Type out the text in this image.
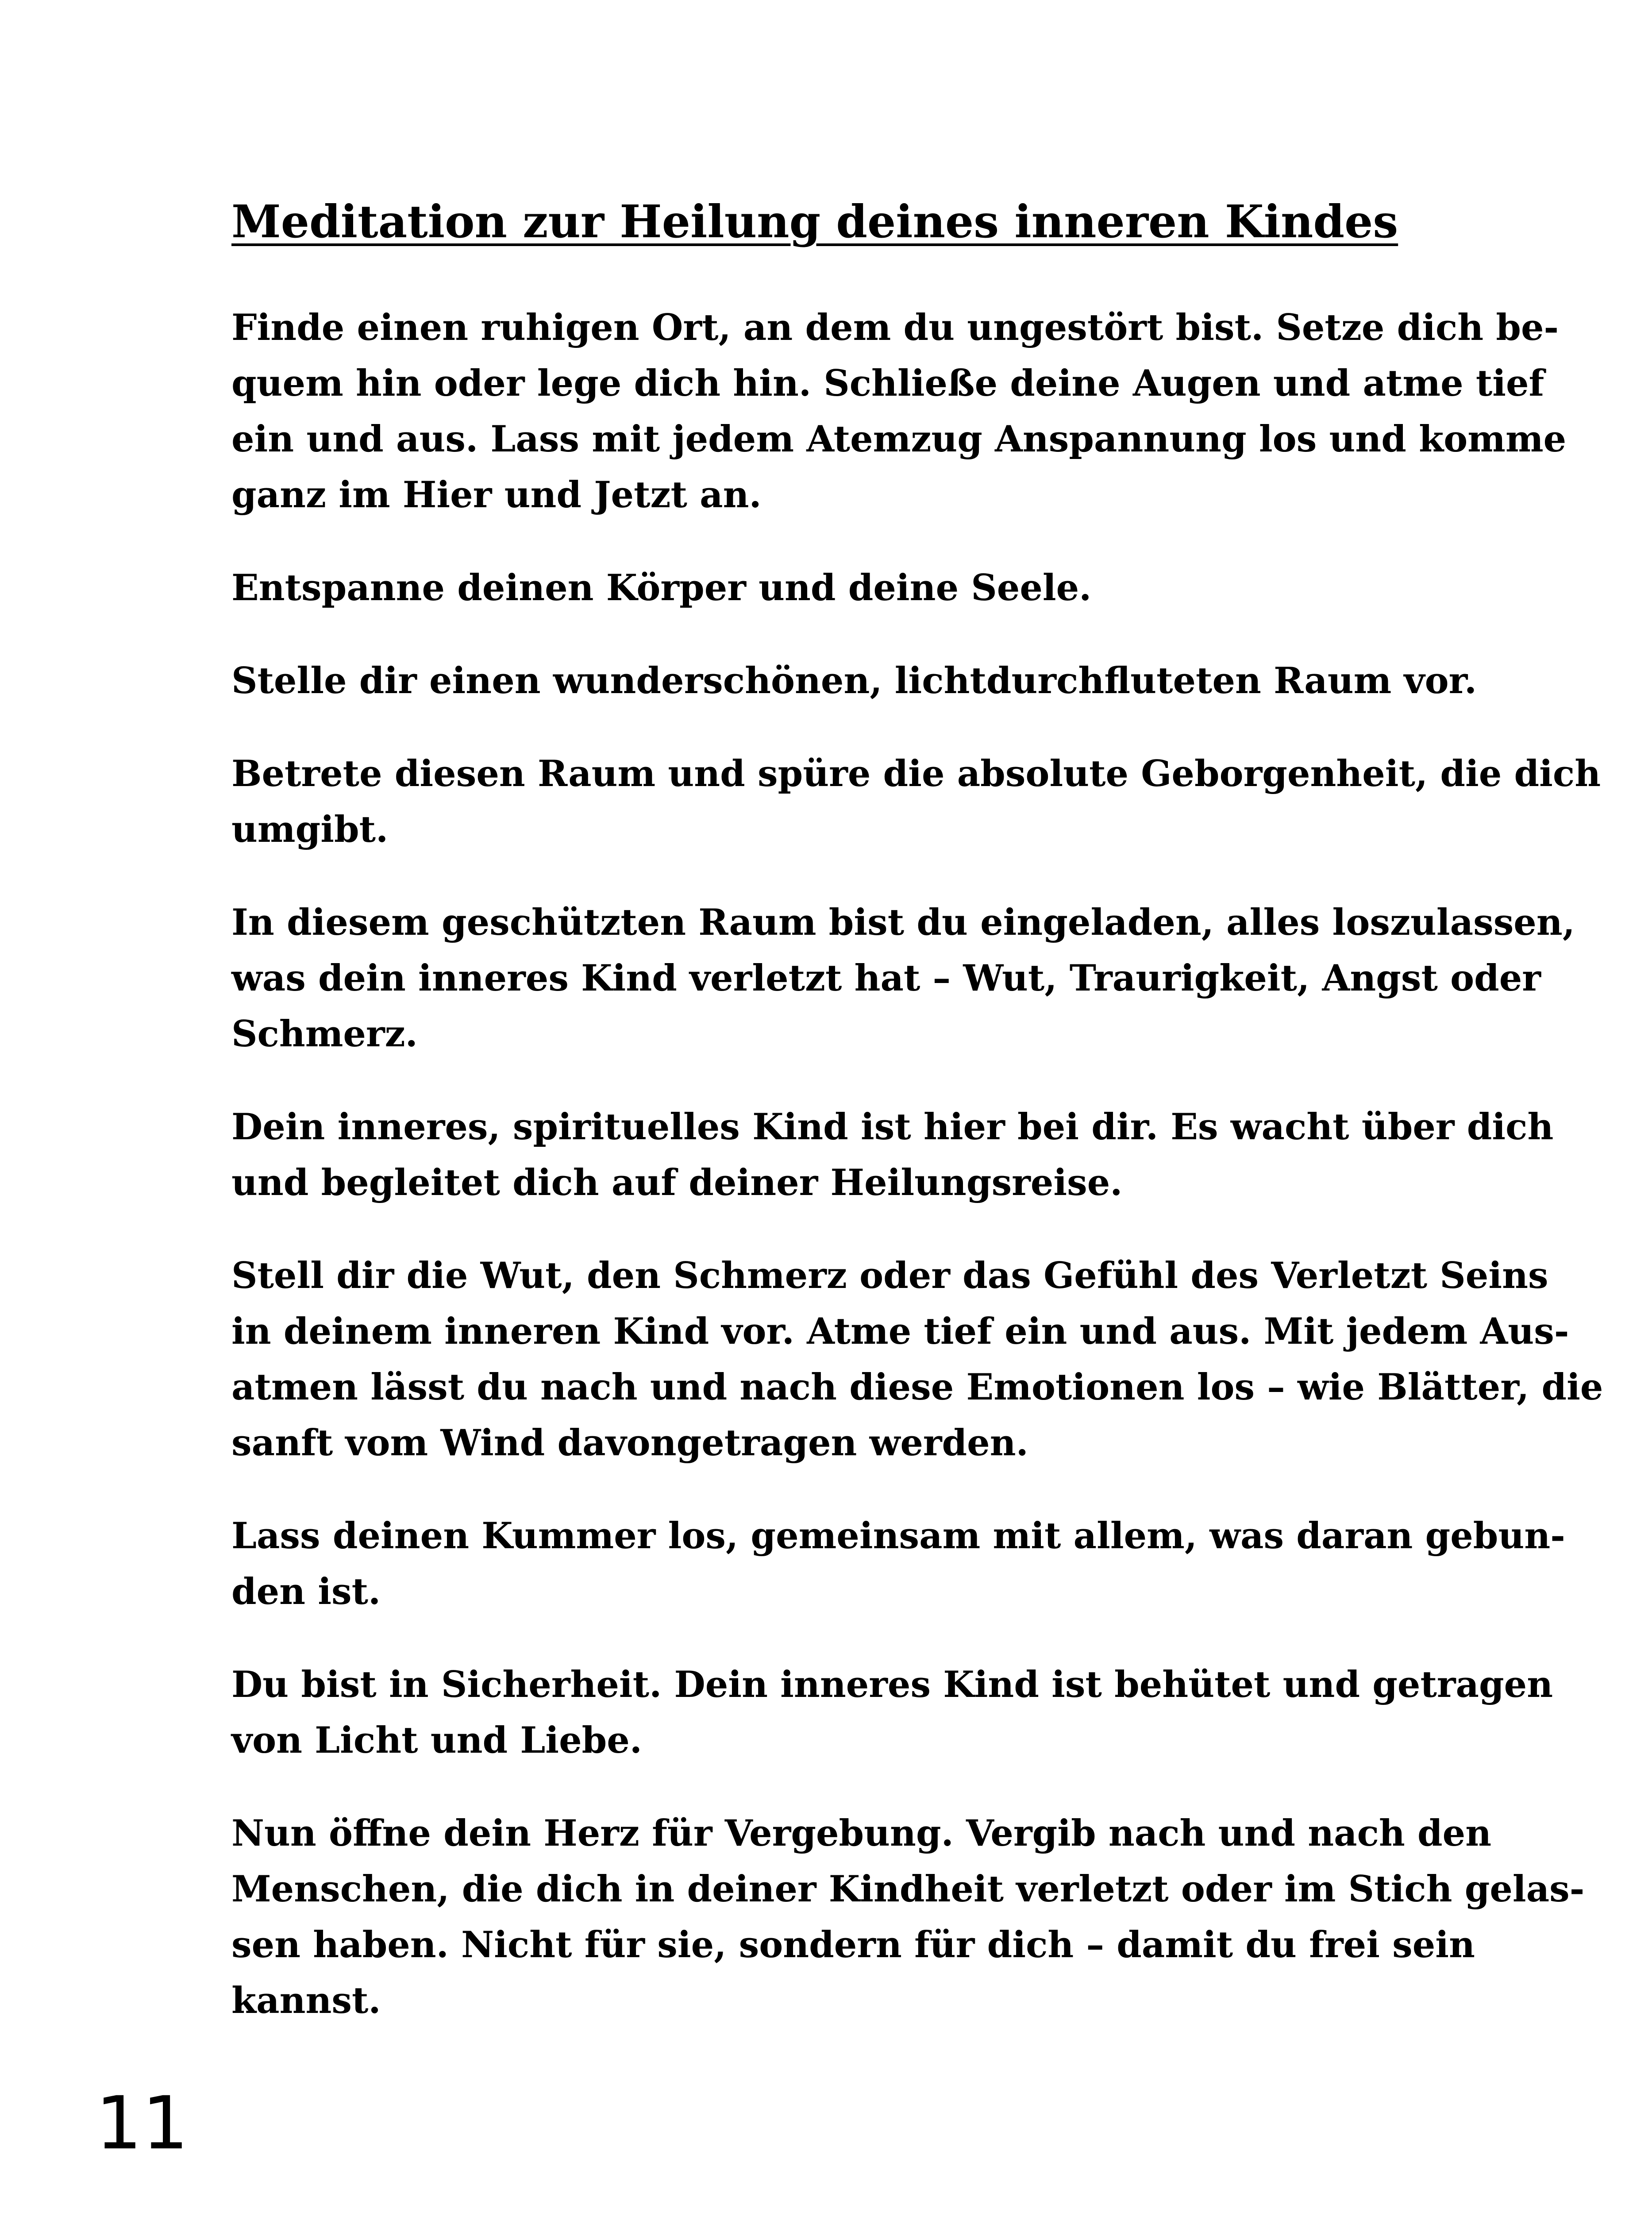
Meditation zur Heilung deines inneren Kindes

Finde einen ruhigen Ort, an dem du ungestört bist. Setze dich be-
quem hin oder lege dich hin. Schließe deine Augen und atme tief
ein und aus. Lass mit jedem Atemzug Anspannung los und komme
ganz im Hier und Jetzt an.

Entspanne deinen Körper und deine Seele.

Stelle dir einen wunderschönen, lichtdurchfluteten Raum vor.

Betrete diesen Raum und spüre die absolute Geborgenheit, die dich
umgibt.

In diesem geschützten Raum bist du eingeladen, alles loszulassen,
was dein inneres Kind verletzt hat – Wut, Traurigkeit, Angst oder
Schmerz.

Dein inneres, spirituelles Kind ist hier bei dir. Es wacht über dich
und begleitet dich auf deiner Heilungsreise.

Stell dir die Wut, den Schmerz oder das Gefühl des Verletzt Seins
in deinem inneren Kind vor. Atme tief ein und aus. Mit jedem Aus-
atmen lässt du nach und nach diese Emotionen los – wie Blätter, die
sanft vom Wind davongetragen werden.

Lass deinen Kummer los, gemeinsam mit allem, was daran gebun-
den ist.

Du bist in Sicherheit. Dein inneres Kind ist behütet und getragen
von Licht und Liebe.

Nun öffne dein Herz für Vergebung. Vergib nach und nach den
Menschen, die dich in deiner Kindheit verletzt oder im Stich gelas-
sen haben. Nicht für sie, sondern für dich – damit du frei sein
kannst.

11
